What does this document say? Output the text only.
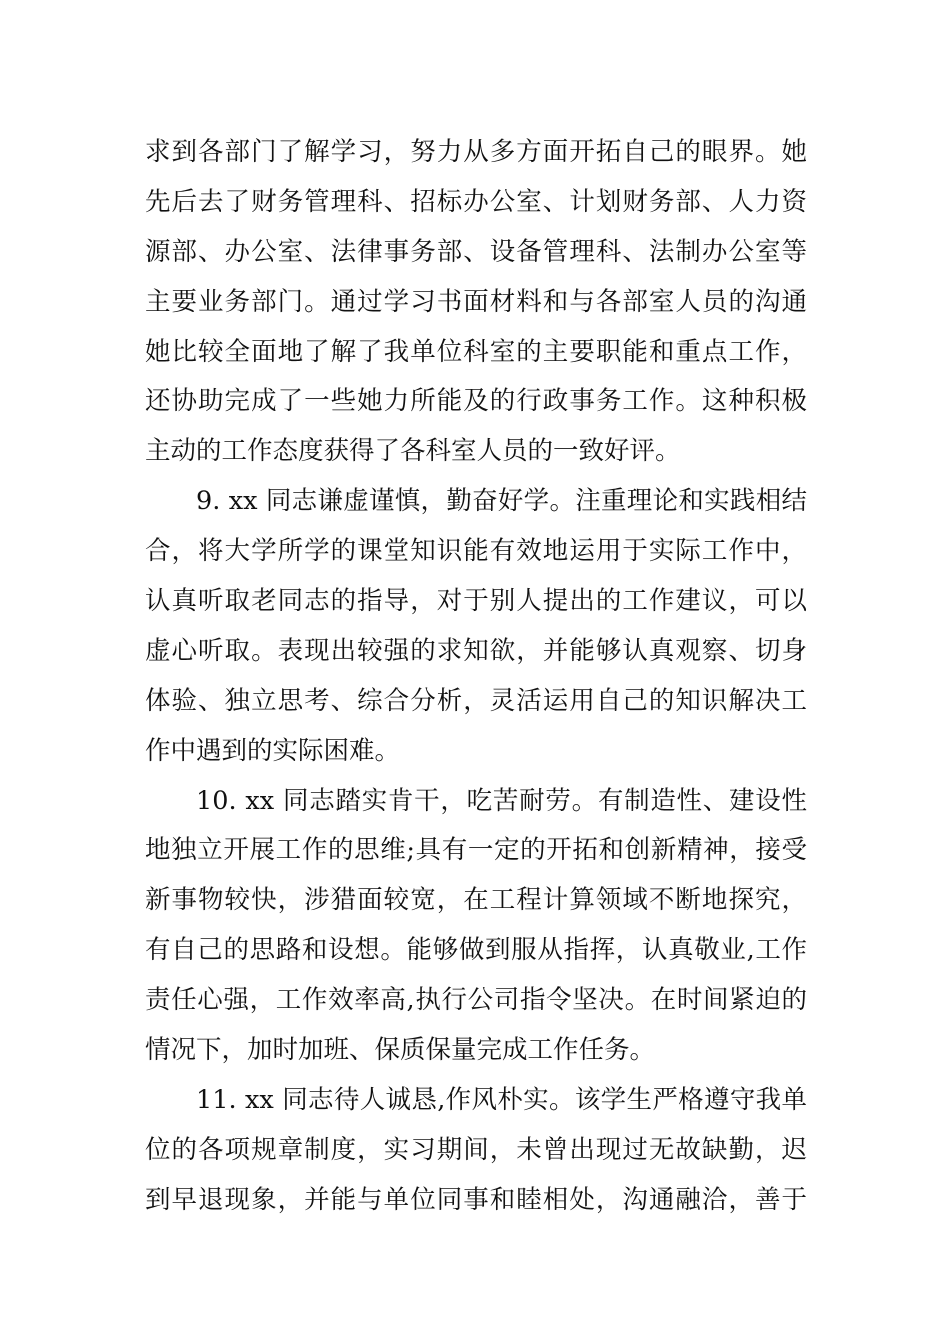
求到各部门了解学习，努力从多方面开拓自己的眼界。她
先后去了财务管理科、招标办公室、计划财务部、人力资
源部、办公室、法律事务部、设备管理科、法制办公室等
主要业务部门。通过学习书面材料和与各部室人员的沟通
她比较全面地了解了我单位科室的主要职能和重点工作，
还协助完成了一些她力所能及的行政事务工作。这种积极
主动的工作态度获得了各科室人员的一致好评。
9. xx 同志谦虚谨慎，勤奋好学。注重理论和实践相结
合，将大学所学的课堂知识能有效地运用于实际工作中，
认真听取老同志的指导，对于别人提出的工作建议，可以
虚心听取。表现出较强的求知欲，并能够认真观察、切身
体验、独立思考、综合分析，灵活运用自己的知识解决工
作中遇到的实际困难。
10. xx 同志踏实肯干，吃苦耐劳。有制造性、建设性
地独立开展工作的思维;具有一定的开拓和创新精神，接受
新事物较快，涉猎面较宽，在工程计算领域不断地探究，
有自己的思路和设想。能够做到服从指挥，认真敬业,工作
责任心强，工作效率高,执行公司指令坚决。在时间紧迫的
情况下，加时加班、保质保量完成工作任务。
11. xx 同志待人诚恳,作风朴实。该学生严格遵守我单
位的各项规章制度，实习期间，未曾出现过无故缺勤，迟
到早退现象，并能与单位同事和睦相处，沟通融洽，善于
